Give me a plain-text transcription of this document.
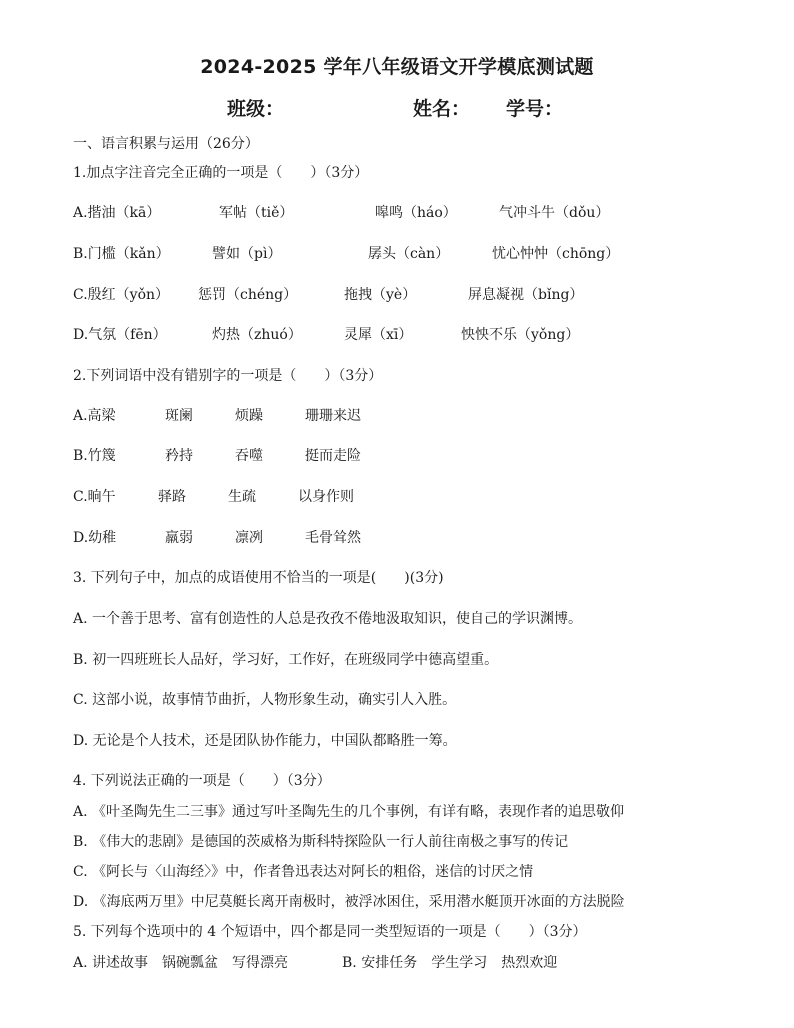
2024-2025 学年八年级语文开学模底测试题
班级：	姓名： 学号：
一、语言积累与运用（26分）
1.加点字注音完全正确的一项是（　　）（3分）
A.揩油（kā）	军帖（tiě）	嗥鸣（háo）	气冲斗牛（dǒu）
B.门槛（kǎn）	譬如（pì）	孱头（càn）	忧心忡忡（chōng）
C.殷红（yǒn） 惩罚（chéng）	拖拽（yè）	屏息凝视（bǐng）
D.气氛（fēn）	灼热（zhuó）	灵犀（xī）	怏怏不乐（yǒng）
2.下列词语中没有错别字的一项是（　　）（3分）
A.高梁	斑阑	烦躁	珊珊来迟
B.竹篾	矜持	吞噬	挺而走险
C.晌午	驿路	生疏	以身作则
D.幼稚	羸弱	凛冽	毛骨耸然
3. 下列句子中，加点的成语使用不恰当的一项是(　　)(3分)
A. 一个善于思考、富有创造性的人总是孜孜不倦地汲取知识，使自己的学识渊博。
B. 初一四班班长人品好，学习好，工作好，在班级同学中德高望重。
C. 这部小说，故事情节曲折，人物形象生动，确实引人入胜。
D. 无论是个人技术，还是团队协作能力，中国队都略胜一筹。
4. 下列说法正确的一项是（　　）（3分）
A. 《叶圣陶先生二三事》通过写叶圣陶先生的几个事例，有详有略，表现作者的追思敬仰
B. 《伟大的悲剧》是德国的茨威格为斯科特探险队一行人前往南极之事写的传记
C. 《阿长与〈山海经〉》中，作者鲁迅表达对阿长的粗俗，迷信的讨厌之情
D. 《海底两万里》中尼莫艇长离开南极时，被浮冰困住，采用潜水艇顶开冰面的方法脱险
5. 下列每个选项中的 4 个短语中，四个都是同一类型短语的一项是（　　）（3分）
A. 讲述故事　锅碗瓢盆　写得漂亮	B. 安排任务　学生学习　热烈欢迎
